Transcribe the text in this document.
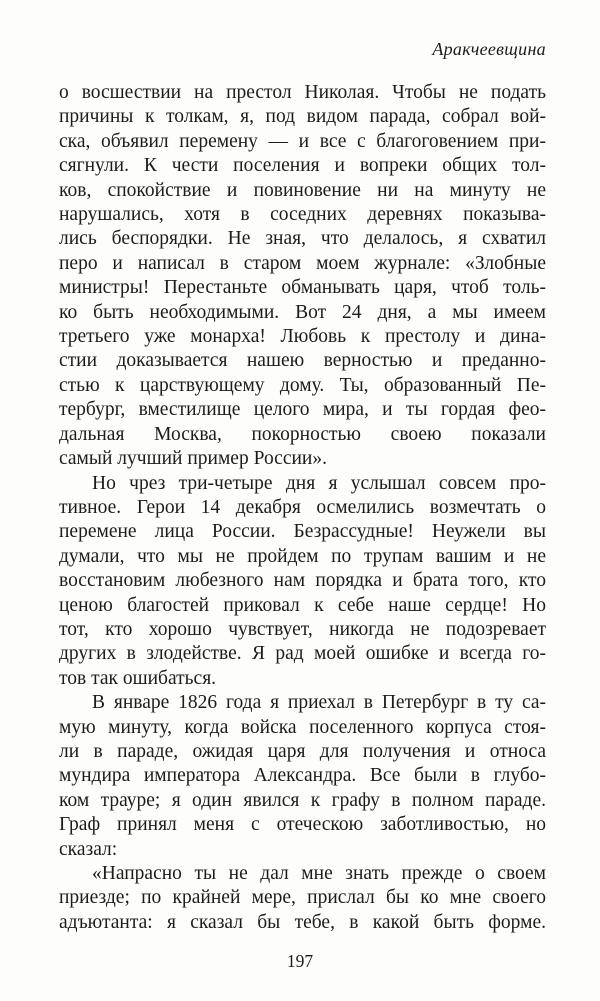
Аракчеевщина
о восшествии на престол Николая. Чтобы не подать
причины к толкам, я, под видом парада, собрал вой-
ска, объявил перемену — и все с благоговением при-
сягнули. К чести поселения и вопреки общих тол-
ков, спокойствие и повиновение ни на минуту не
нарушались, хотя в соседних деревнях показыва-
лись беспорядки. Не зная, что делалось, я схватил
перо и написал в старом моем журнале: «Злобные
министры! Перестаньте обманывать царя, чтоб толь-
ко быть необходимыми. Вот 24 дня, а мы имеем
третьего уже монарха! Любовь к престолу и дина-
стии доказывается нашею верностью и преданно-
стью к царствующему дому. Ты, образованный Пе-
тербург, вместилище целого мира, и ты гордая фео-
дальная Москва, покорностью своею показали
самый лучший пример России».
Но чрез три-четыре дня я услышал совсем про-
тивное. Герои 14 декабря осмелились возмечтать о
перемене лица России. Безрассудные! Неужели вы
думали, что мы не пройдем по трупам вашим и не
восстановим любезного нам порядка и брата того, кто
ценою благостей приковал к себе наше сердце! Но
тот, кто хорошо чувствует, никогда не подозревает
других в злодействе. Я рад моей ошибке и всегда го-
тов так ошибаться.
В январе 1826 года я приехал в Петербург в ту са-
мую минуту, когда войска поселенного корпуса стоя-
ли в параде, ожидая царя для получения и относа
мундира императора Александра. Все были в глубо-
ком трауре; я один явился к графу в полном параде.
Граф принял меня с отеческою заботливостью, но
сказал:
«Напрасно ты не дал мне знать прежде о своем
приезде; по крайней мере, прислал бы ко мне своего
адъютанта: я сказал бы тебе, в какой быть форме.
197
